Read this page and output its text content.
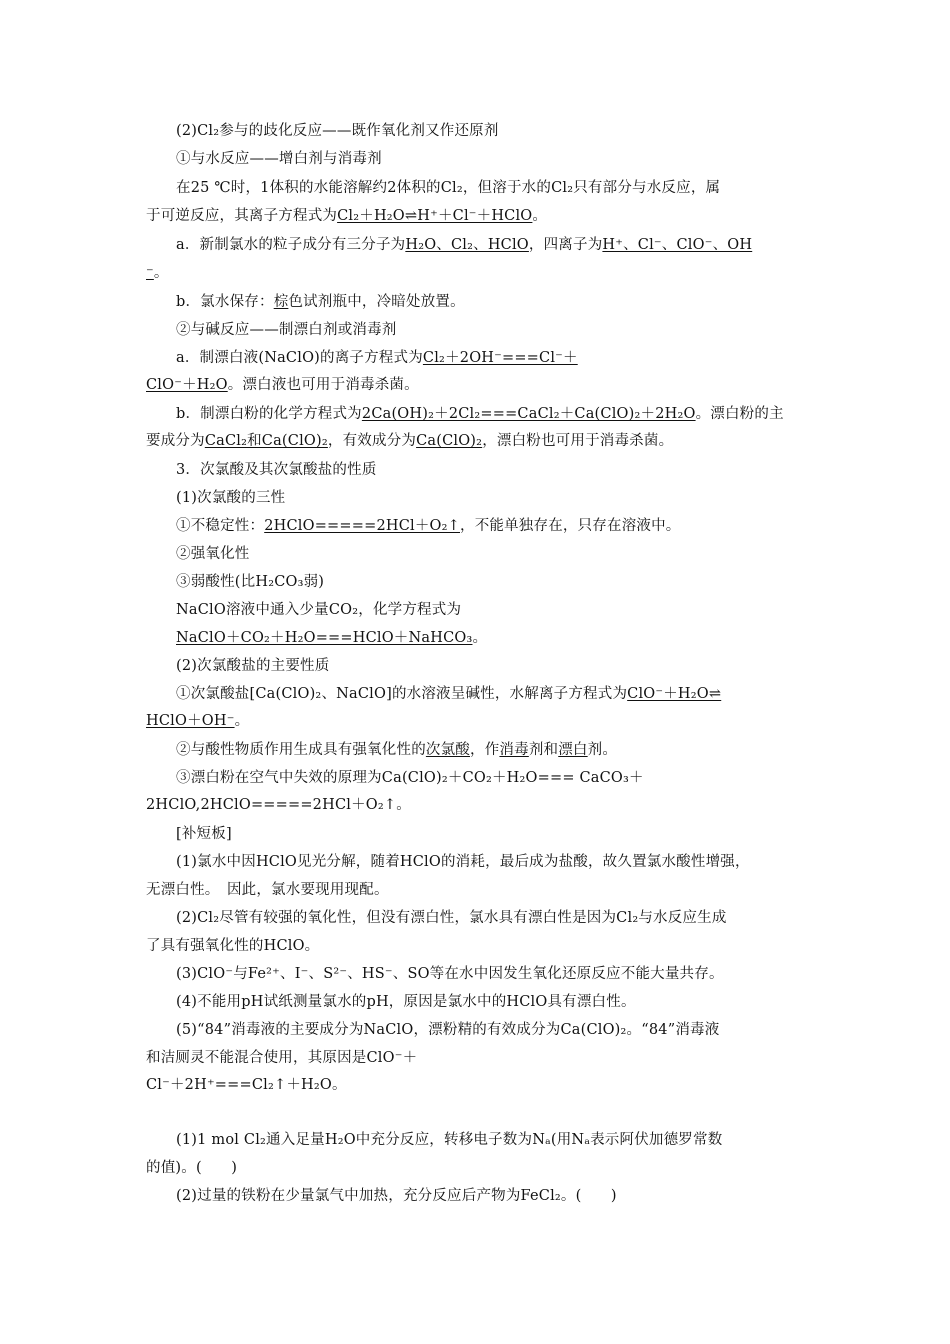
(2)Cl₂参与的歧化反应——既作氧化剂又作还原剂
①与水反应——增白剂与消毒剂
在25 ℃时，1体积的水能溶解约2体积的Cl₂，但溶于水的Cl₂只有部分与水反应，属
于可逆反应，其离子方程式为Cl₂＋H₂O⇌H⁺＋Cl⁻＋HClO。
a．新制氯水的粒子成分有三分子为H₂O、Cl₂、HClO，四离子为H⁺、Cl⁻、ClO⁻、OH
⁻。
b．氯水保存：棕色试剂瓶中，冷暗处放置。
②与碱反应——制漂白剂或消毒剂
a．制漂白液(NaClO)的离子方程式为Cl₂＋2OH⁻===Cl⁻＋
ClO⁻＋H₂O。漂白液也可用于消毒杀菌。
b．制漂白粉的化学方程式为2Ca(OH)₂＋2Cl₂===CaCl₂＋Ca(ClO)₂＋2H₂O。漂白粉的主
要成分为CaCl₂和Ca(ClO)₂，有效成分为Ca(ClO)₂，漂白粉也可用于消毒杀菌。
3．次氯酸及其次氯酸盐的性质
(1)次氯酸的三性
①不稳定性：2HClO=====2HCl＋O₂↑，不能单独存在，只存在溶液中。
②强氧化性
③弱酸性(比H₂CO₃弱)
NaClO溶液中通入少量CO₂，化学方程式为
NaClO＋CO₂＋H₂O===HClO＋NaHCO₃。
(2)次氯酸盐的主要性质
①次氯酸盐[Ca(ClO)₂、NaClO]的水溶液呈碱性，水解离子方程式为ClO⁻＋H₂O⇌
HClO＋OH⁻。
②与酸性物质作用生成具有强氧化性的次氯酸，作消毒剂和漂白剂。
③漂白粉在空气中失效的原理为Ca(ClO)₂＋CO₂＋H₂O=== CaCO₃＋
2HClO,2HClO=====2HCl＋O₂↑。
[补短板]
(1)氯水中因HClO见光分解，随着HClO的消耗，最后成为盐酸，故久置氯水酸性增强，
无漂白性。　因此，氯水要现用现配。
(2)Cl₂尽管有较强的氧化性，但没有漂白性，氯水具有漂白性是因为Cl₂与水反应生成
了具有强氧化性的HClO。
(3)ClO⁻与Fe²⁺、I⁻、S²⁻、HS⁻、SO等在水中因发生氧化还原反应不能大量共存。
(4)不能用pH试纸测量氯水的pH，原因是氯水中的HClO具有漂白性。
(5)“84”消毒液的主要成分为NaClO，漂粉精的有效成分为Ca(ClO)₂。“84”消毒液
和洁厕灵不能混合使用，其原因是ClO⁻＋
Cl⁻＋2H⁺===Cl₂↑＋H₂O。
(1)1 mol Cl₂通入足量H₂O中充分反应，转移电子数为Nₐ(用Nₐ表示阿伏加德罗常数
的值)。(　　)
(2)过量的铁粉在少量氯气中加热，充分反应后产物为FeCl₂。(　　)
